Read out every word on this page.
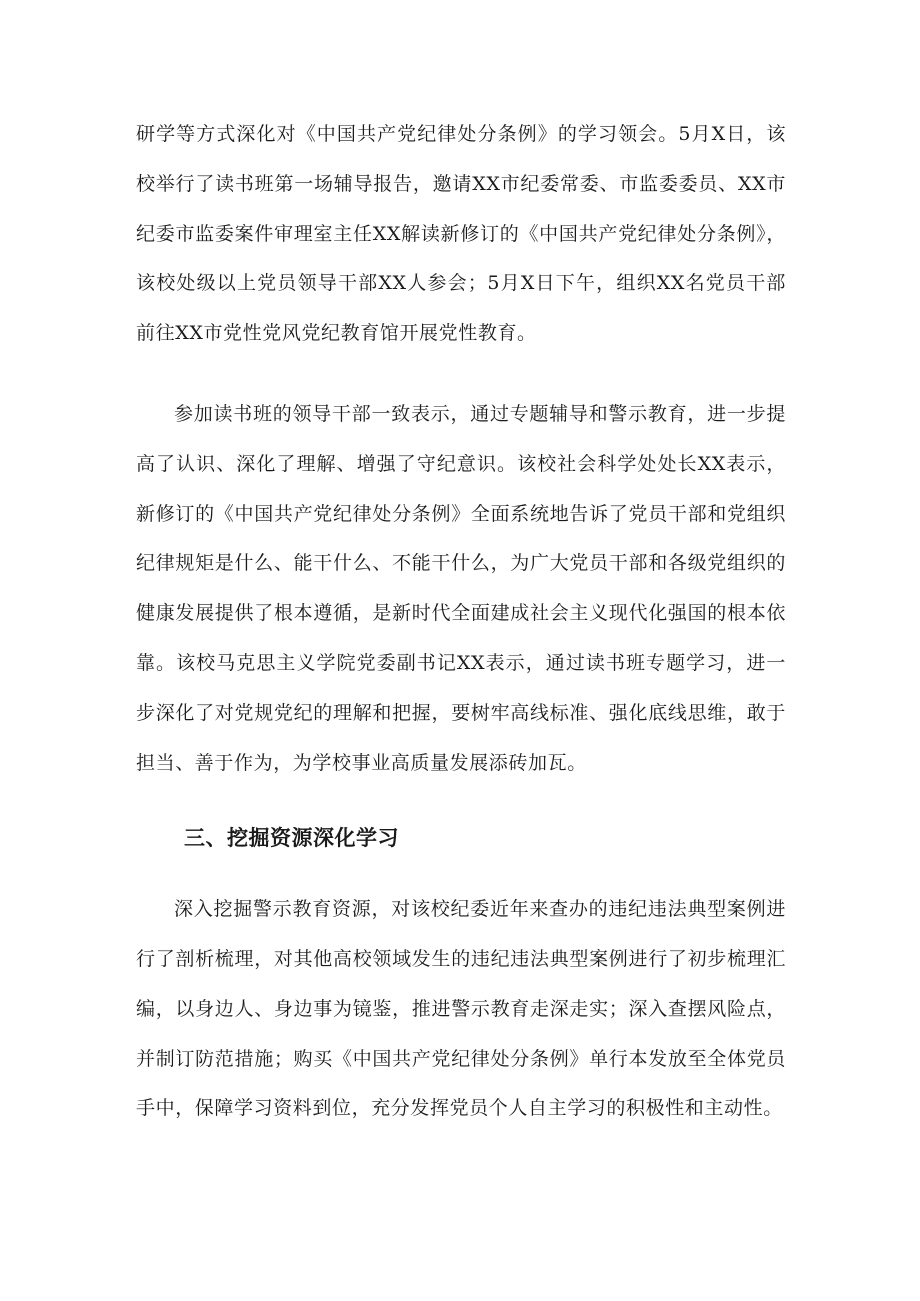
研学等方式深化对《中国共产党纪律处分条例》的学习领会。5月X日，该校举行了读书班第一场辅导报告，邀请XX市纪委常委、市监委委员、XX市纪委市监委案件审理室主任XX解读新修订的《中国共产党纪律处分条例》，该校处级以上党员领导干部XX人参会；5月X日下午，组织XX名党员干部前往XX市党性党风党纪教育馆开展党性教育。

参加读书班的领导干部一致表示，通过专题辅导和警示教育，进一步提高了认识、深化了理解、增强了守纪意识。该校社会科学处处长XX表示，新修订的《中国共产党纪律处分条例》全面系统地告诉了党员干部和党组织纪律规矩是什么、能干什么、不能干什么，为广大党员干部和各级党组织的健康发展提供了根本遵循，是新时代全面建成社会主义现代化强国的根本依靠。该校马克思主义学院党委副书记XX表示，通过读书班专题学习，进一步深化了对党规党纪的理解和把握，要树牢高线标准、强化底线思维，敢于担当、善于作为，为学校事业高质量发展添砖加瓦。

三、挖掘资源深化学习

深入挖掘警示教育资源，对该校纪委近年来查办的违纪违法典型案例进行了剖析梳理，对其他高校领域发生的违纪违法典型案例进行了初步梳理汇编，以身边人、身边事为镜鉴，推进警示教育走深走实；深入查摆风险点，并制订防范措施；购买《中国共产党纪律处分条例》单行本发放至全体党员手中，保障学习资料到位，充分发挥党员个人自主学习的积极性和主动性。
